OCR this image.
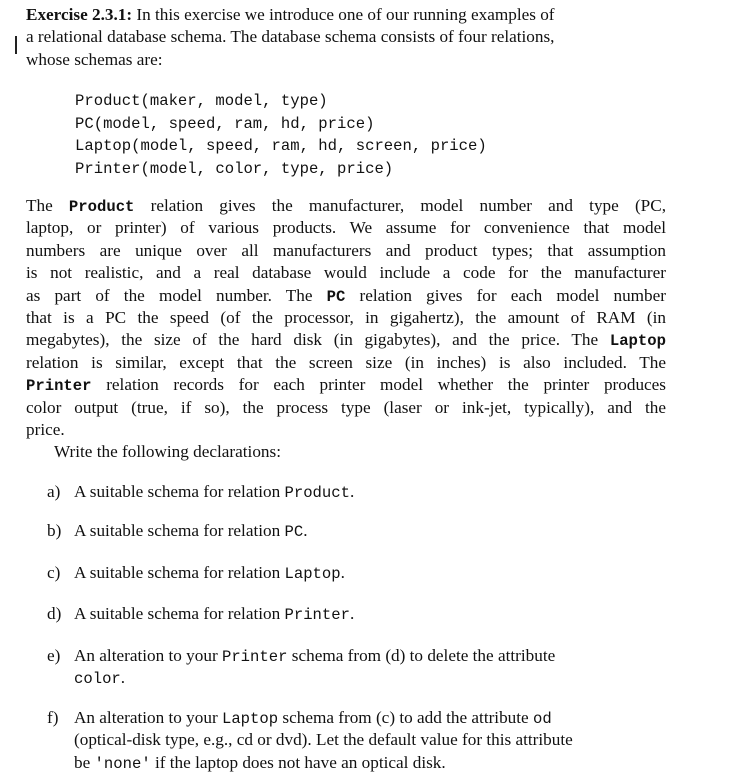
Exercise 2.3.1: In this exercise we introduce one of our running examples of
a relational database schema. The database schema consists of four relations,
whose schemas are:
Product(maker, model, type)
PC(model, speed, ram, hd, price)
Laptop(model, speed, ram, hd, screen, price)
Printer(model, color, type, price)
The Product relation gives the manufacturer, model number and type (PC,
laptop, or printer) of various products. We assume for convenience that model
numbers are unique over all manufacturers and product types; that assumption
is not realistic, and a real database would include a code for the manufacturer
as part of the model number. The PC relation gives for each model number
that is a PC the speed (of the processor, in gigahertz), the amount of RAM (in
megabytes), the size of the hard disk (in gigabytes), and the price. The Laptop
relation is similar, except that the screen size (in inches) is also included. The
Printer relation records for each printer model whether the printer produces
color output (true, if so), the process type (laser or ink-jet, typically), and the
price.
Write the following declarations:
a) A suitable schema for relation Product.
b) A suitable schema for relation PC.
c) A suitable schema for relation Laptop.
d) A suitable schema for relation Printer.
e) An alteration to your Printer schema from (d) to delete the attribute
color.
f) An alteration to your Laptop schema from (c) to add the attribute od
(optical-disk type, e.g., cd or dvd). Let the default value for this attribute
be 'none' if the laptop does not have an optical disk.
